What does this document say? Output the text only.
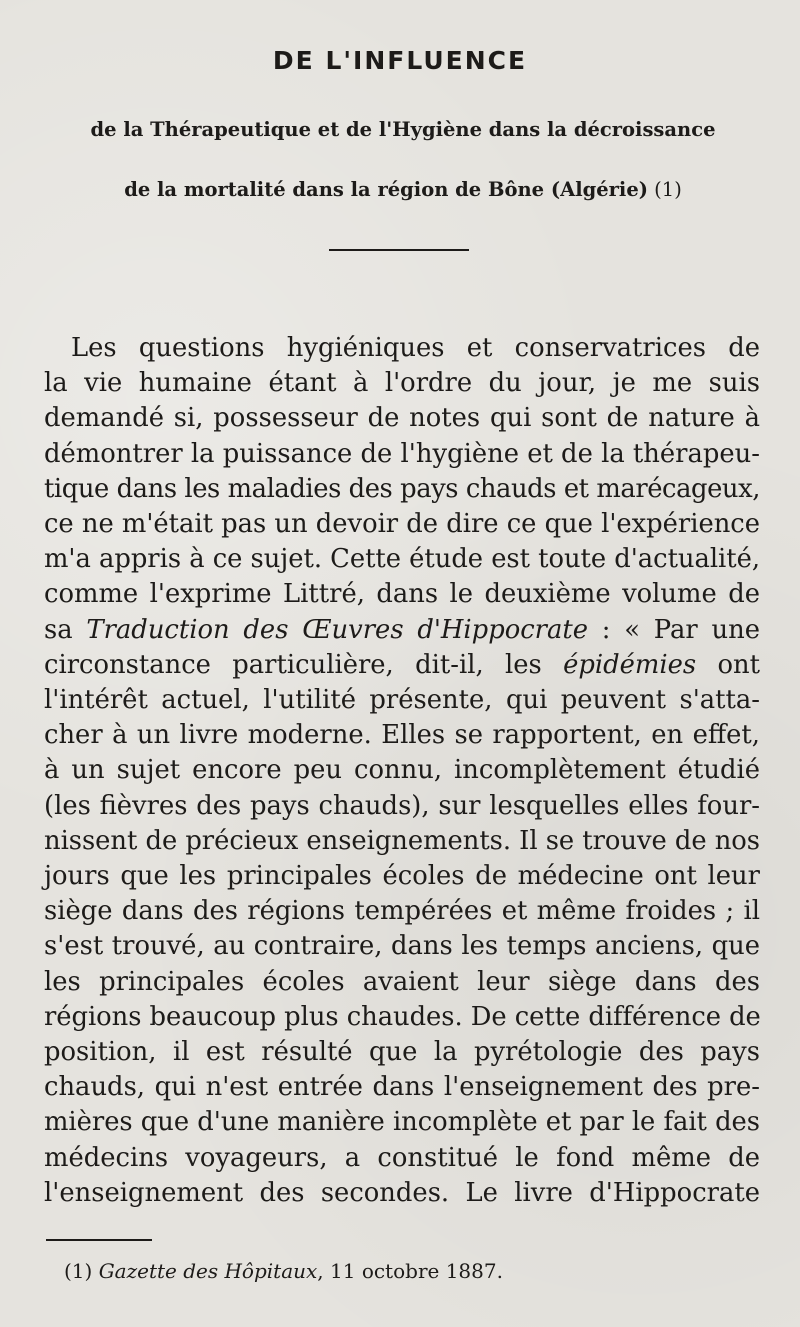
DE L'INFLUENCE

de la Thérapeutique et de l'Hygiène dans la décroissance

de la mortalité dans la région de Bône (Algérie) (1)

Les questions hygiéniques et conservatrices de
la vie humaine étant à l'ordre du jour, je me suis
demandé si, possesseur de notes qui sont de nature à
démontrer la puissance de l'hygiène et de la thérapeu-
tique dans les maladies des pays chauds et marécageux,
ce ne m'était pas un devoir de dire ce que l'expérience
m'a appris à ce sujet. Cette étude est toute d'actualité,
comme l'exprime Littré, dans le deuxième volume de
sa Traduction des Œuvres d'Hippocrate : « Par une
circonstance particulière, dit-il, les épidémies ont
l'intérêt actuel, l'utilité présente, qui peuvent s'atta-
cher à un livre moderne. Elles se rapportent, en effet,
à un sujet encore peu connu, incomplètement étudié
(les fièvres des pays chauds), sur lesquelles elles four-
nissent de précieux enseignements. Il se trouve de nos
jours que les principales écoles de médecine ont leur
siège dans des régions tempérées et même froides ; il
s'est trouvé, au contraire, dans les temps anciens, que
les principales écoles avaient leur siège dans des
régions beaucoup plus chaudes. De cette différence de
position, il est résulté que la pyrétologie des pays
chauds, qui n'est entrée dans l'enseignement des pre-
mières que d'une manière incomplète et par le fait des
médecins voyageurs, a constitué le fond même de
l'enseignement des secondes. Le livre d'Hippocrate

(1) Gazette des Hôpitaux, 11 octobre 1887.
